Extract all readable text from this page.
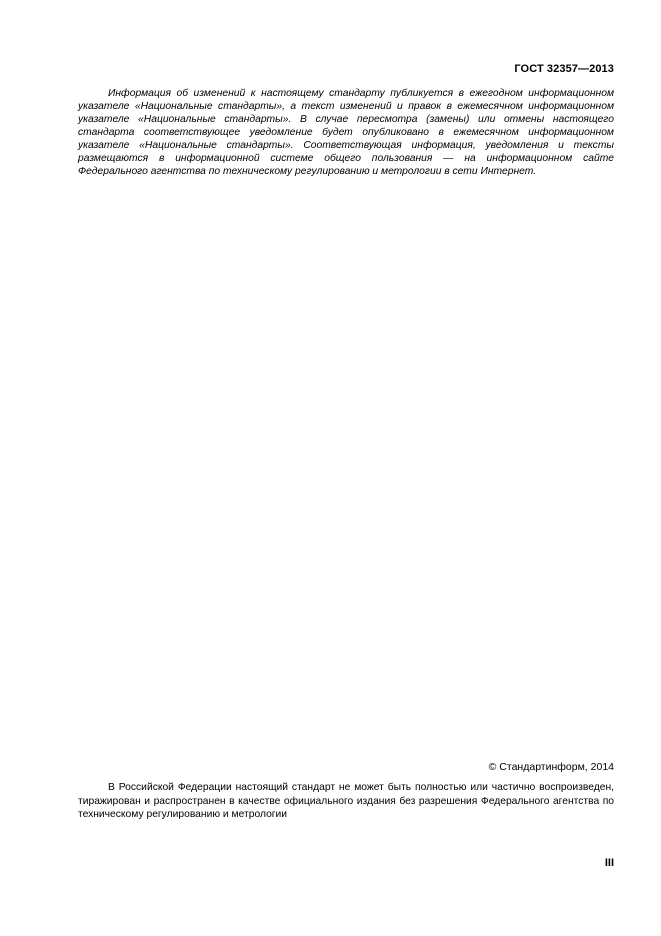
ГОСТ 32357—2013

Информация об изменений к настоящему стандарту публикуется в ежегодном информационном указателе «Национальные стандарты», а текст изменений и правок в ежемесячном информационном указателе «Национальные стандарты». В случае пересмотра (замены) или отмены настоящего стандарта соответствующее уведомление будет опубликовано в ежемесячном информационном указателе «Национальные стандарты». Соответствующая информация, уведомления и тексты размещаются в информационной системе общего пользования — на информационном сайте Федерального агентства по техническому регулированию и метрологии в сети Интернет.

© Стандартинформ, 2014

В Российской Федерации настоящий стандарт не может быть полностью или частично воспроизведен, тиражирован и распространен в качестве официального издания без разрешения Федерального агентства по техническому регулированию и метрологии

III
